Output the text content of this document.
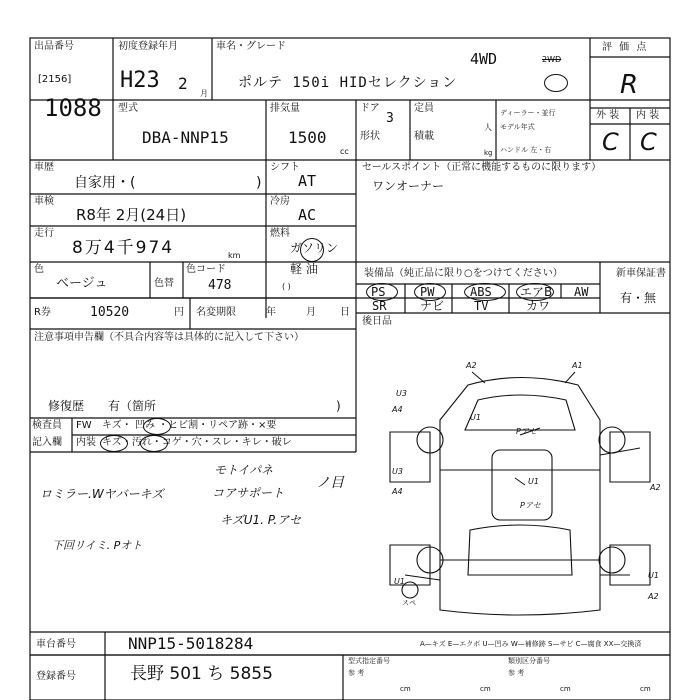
出品番号
[2156]
1088
初度登録年月
H23 2
月
車名・グレード
4WD	2WD
ポルテ 150i HIDセレクション
評 価 点
R
型式
DBA-NNP15
排気量
1500
cc
ドア
3
形状
定員
人
積載
kg
ディーラー・並行
モデル年式
ハンドル 左・右
外 装 内 装
C C
車歴
自家用・(	)
シフト
AT
セールスポイント（正常に機能するものに限ります）
ワンオーナー
車検
R8年 2月(24日)
冷房
AC
走行
8万4千974	km
燃料
ガソリン
軽 油
( )
色
ベージュ	色替
色コード
478
装備品（純正品に限り○をつけてください）	新車保証書
有・無
PS	PW	ABS エアB AW
SR	ナビ TV	カワ
後日品
R券	10520	円 名変期限	年	月 日
注意事項申告欄（不具合内容等は具体的に記入して下さい）
修復歴 有（箇所	)
検査員
記入欄
FW キズ・ 凹み ・ヒビ割・リペア跡・×要
内装 キズ・汚れ・コゲ・穴・スレ・キレ・破レ
ロミラー.Wヤバーキズ
モトイパネ
コアサポート
ノ目
キズU1. P.アセ
下回リイミ. Pオト
A2	A1
U3
A4
U1
Pアセ
U3
A4
U1
Pアセ
U1
U1
A2
A2
スペ
車台番号	NNP15-5018284	A—キズ E—エクボ U—凹み W—補修跡 S—サビ C—腐食 XX—交換済
登録番号	長野 501 ち 5855
型式指定番号
参 考
類別区分番号
参 考
cm	cm	cm	cm
